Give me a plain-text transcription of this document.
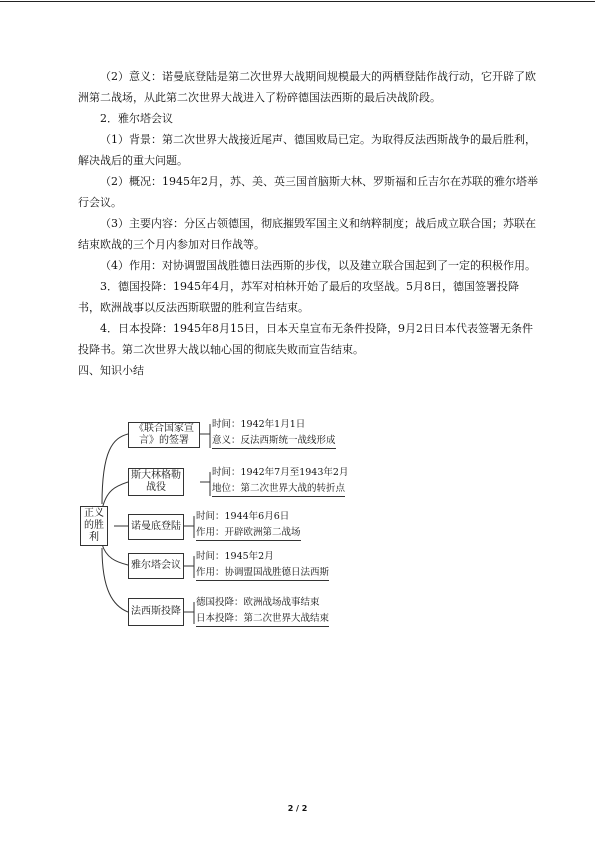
（2）意义：诺曼底登陆是第二次世界大战期间规模最大的两栖登陆作战行动，它开辟了欧洲第二战场，从此第二次世界大战进入了粉碎德国法西斯的最后决战阶段。

2．雅尔塔会议

（1）背景：第二次世界大战接近尾声、德国败局已定。为取得反法西斯战争的最后胜利，解决战后的重大问题。

（2）概况：1945年2月，苏、美、英三国首脑斯大林、罗斯福和丘吉尔在苏联的雅尔塔举行会议。

（3）主要内容：分区占领德国，彻底摧毁军国主义和纳粹制度；战后成立联合国；苏联在结束欧战的三个月内参加对日作战等。

（4）作用：对协调盟国战胜德日法西斯的步伐，以及建立联合国起到了一定的积极作用。

3．德国投降：1945年4月，苏军对柏林开始了最后的攻坚战。5月8日，德国签署投降书，欧洲战事以反法西斯联盟的胜利宣告结束。

4．日本投降：1945年8月15日，日本天皇宣布无条件投降，9月2日日本代表签署无条件投降书。第二次世界大战以轴心国的彻底失败而宣告结束。

四、知识小结

正义的胜利
《联合国家宣言》的签署
时间：1942年1月1日
意义：反法西斯统一战线形成
斯大林格勒战役
时间：1942年7月至1943年2月
地位：第二次世界大战的转折点
诺曼底登陆
时间：1944年6月6日
作用：开辟欧洲第二战场
雅尔塔会议
时间：1945年2月
作用：协调盟国战胜德日法西斯
法西斯投降
德国投降：欧洲战场战事结束
日本投降：第二次世界大战结束
2 / 2
